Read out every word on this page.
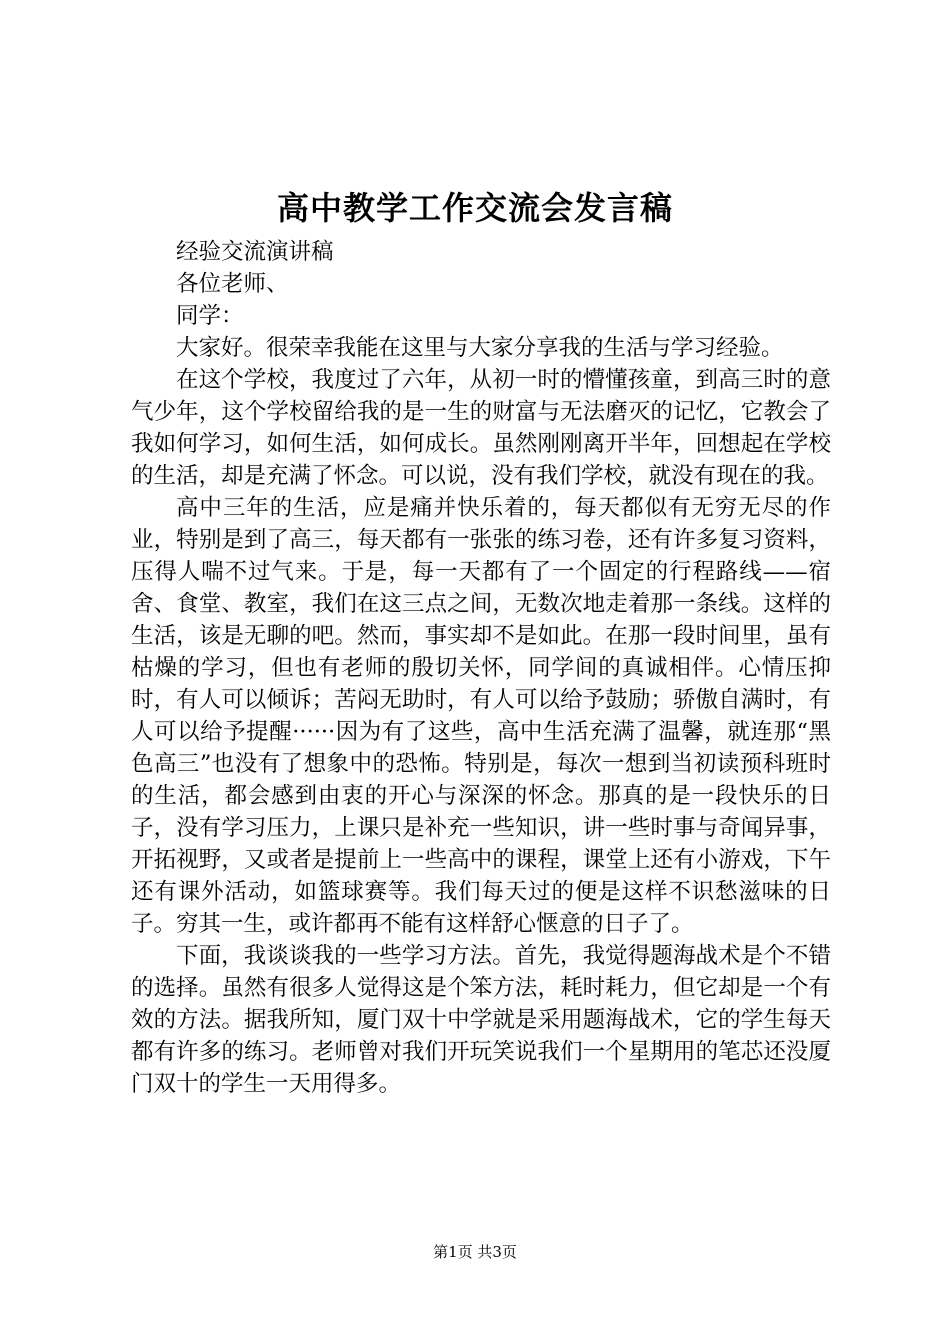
高中教学工作交流会发言稿

经验交流演讲稿

各位老师、

同学：

大家好。很荣幸我能在这里与大家分享我的生活与学习经验。

在这个学校，我度过了六年，从初一时的懵懂孩童，到高三时的意气少年，这个学校留给我的是一生的财富与无法磨灭的记忆，它教会了我如何学习，如何生活，如何成长。虽然刚刚离开半年，回想起在学校的生活，却是充满了怀念。可以说，没有我们学校，就没有现在的我。

高中三年的生活，应是痛并快乐着的，每天都似有无穷无尽的作业，特别是到了高三，每天都有一张张的练习卷，还有许多复习资料，压得人喘不过气来。于是，每一天都有了一个固定的行程路线——宿舍、食堂、教室，我们在这三点之间，无数次地走着那一条线。这样的生活，该是无聊的吧。然而，事实却不是如此。在那一段时间里，虽有枯燥的学习，但也有老师的殷切关怀，同学间的真诚相伴。心情压抑时，有人可以倾诉；苦闷无助时，有人可以给予鼓励；骄傲自满时，有人可以给予提醒······因为有了这些，高中生活充满了温馨，就连那“黑色高三”也没有了想象中的恐怖。特别是，每次一想到当初读预科班时的生活，都会感到由衷的开心与深深的怀念。那真的是一段快乐的日子，没有学习压力，上课只是补充一些知识，讲一些时事与奇闻异事，开拓视野，又或者是提前上一些高中的课程，课堂上还有小游戏，下午还有课外活动，如篮球赛等。我们每天过的便是这样不识愁滋味的日子。穷其一生，或许都再不能有这样舒心惬意的日子了。

下面，我谈谈我的一些学习方法。首先，我觉得题海战术是个不错的选择。虽然有很多人觉得这是个笨方法，耗时耗力，但它却是一个有效的方法。据我所知，厦门双十中学就是采用题海战术，它的学生每天都有许多的练习。老师曾对我们开玩笑说我们一个星期用的笔芯还没厦门双十的学生一天用得多。

第1页 共3页
